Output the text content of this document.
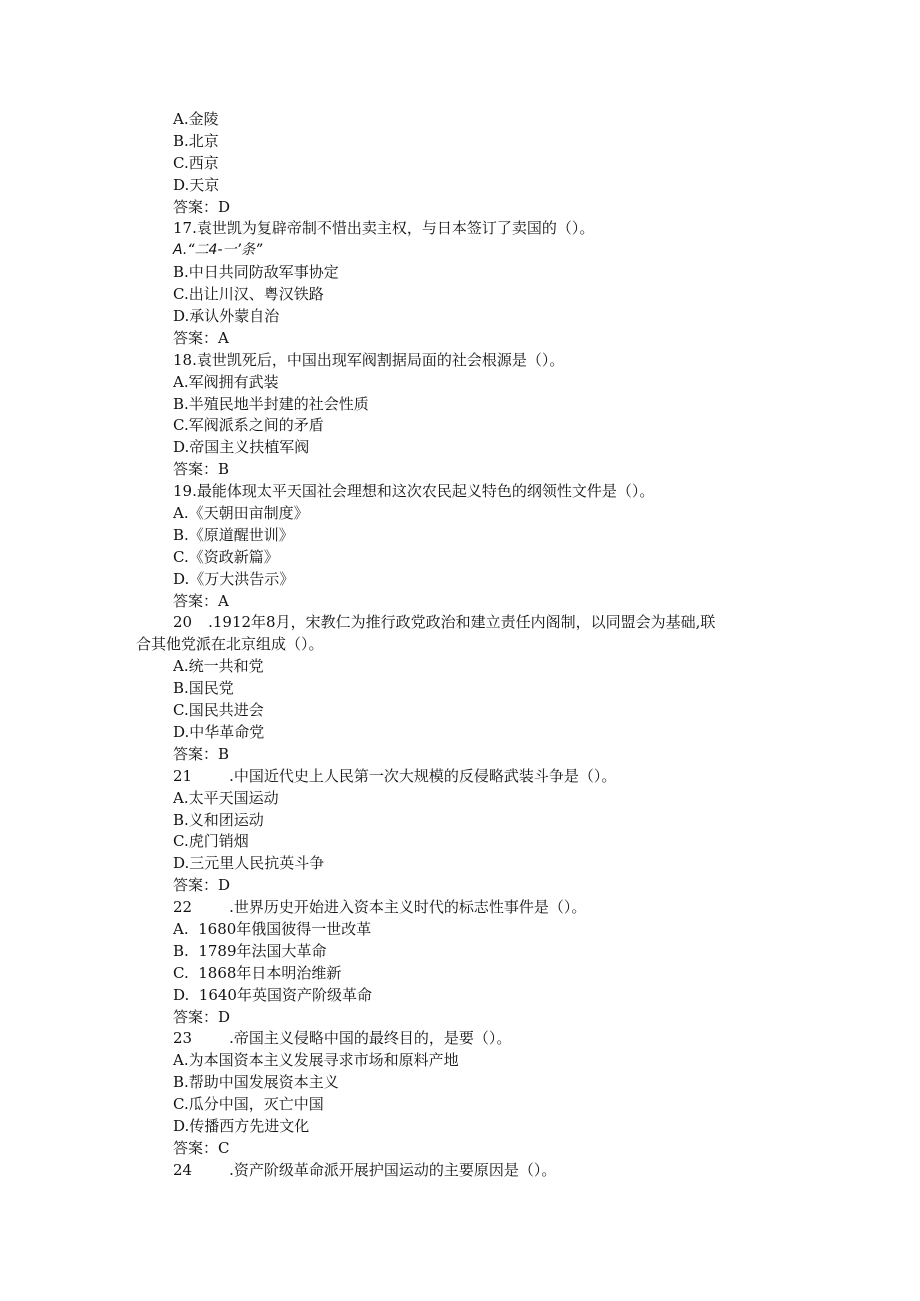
A.金陵
B.北京
C.西京
D.天京
答案：D
17.袁世凯为复辟帝制不惜出卖主权，与日本签订了卖国的（）。
A.“二4-一’条”
B.中日共同防敌军事协定
C.出让川汉、粤汉铁路
D.承认外蒙自治
答案：A
18.袁世凯死后，中国出现军阀割据局面的社会根源是（）。
A.军阀拥有武装
B.半殖民地半封建的社会性质
C.军阀派系之间的矛盾
D.帝国主义扶植军阀
答案：B
19.最能体现太平天国社会理想和这次农民起义特色的纲领性文件是（）。
A.《天朝田亩制度》
B.《原道醒世训》
C.《资政新篇》
D.《万大洪告示》
答案：A
20 .1912年8月，宋教仁为推行政党政治和建立责任内阁制，以同盟会为基础,联
合其他党派在北京组成（）。
A.统一共和党
B.国民党
C.国民共进会
D.中华革命党
答案：B
21 .中国近代史上人民第一次大规模的反侵略武装斗争是（）。
A.太平天国运动
B.义和团运动
C.虎门销烟
D.三元里人民抗英斗争
答案：D
22 .世界历史开始进入资本主义时代的标志性事件是（）。
A.  1680年俄国彼得一世改革
B.  1789年法国大革命
C.  1868年日本明治维新
D.  1640年英国资产阶级革命
答案：D
23 .帝国主义侵略中国的最终目的，是要（）。
A.为本国资本主义发展寻求市场和原料产地
B.帮助中国发展资本主义
C.瓜分中国，灭亡中国
D.传播西方先进文化
答案：C
24 .资产阶级革命派开展护国运动的主要原因是（）。
